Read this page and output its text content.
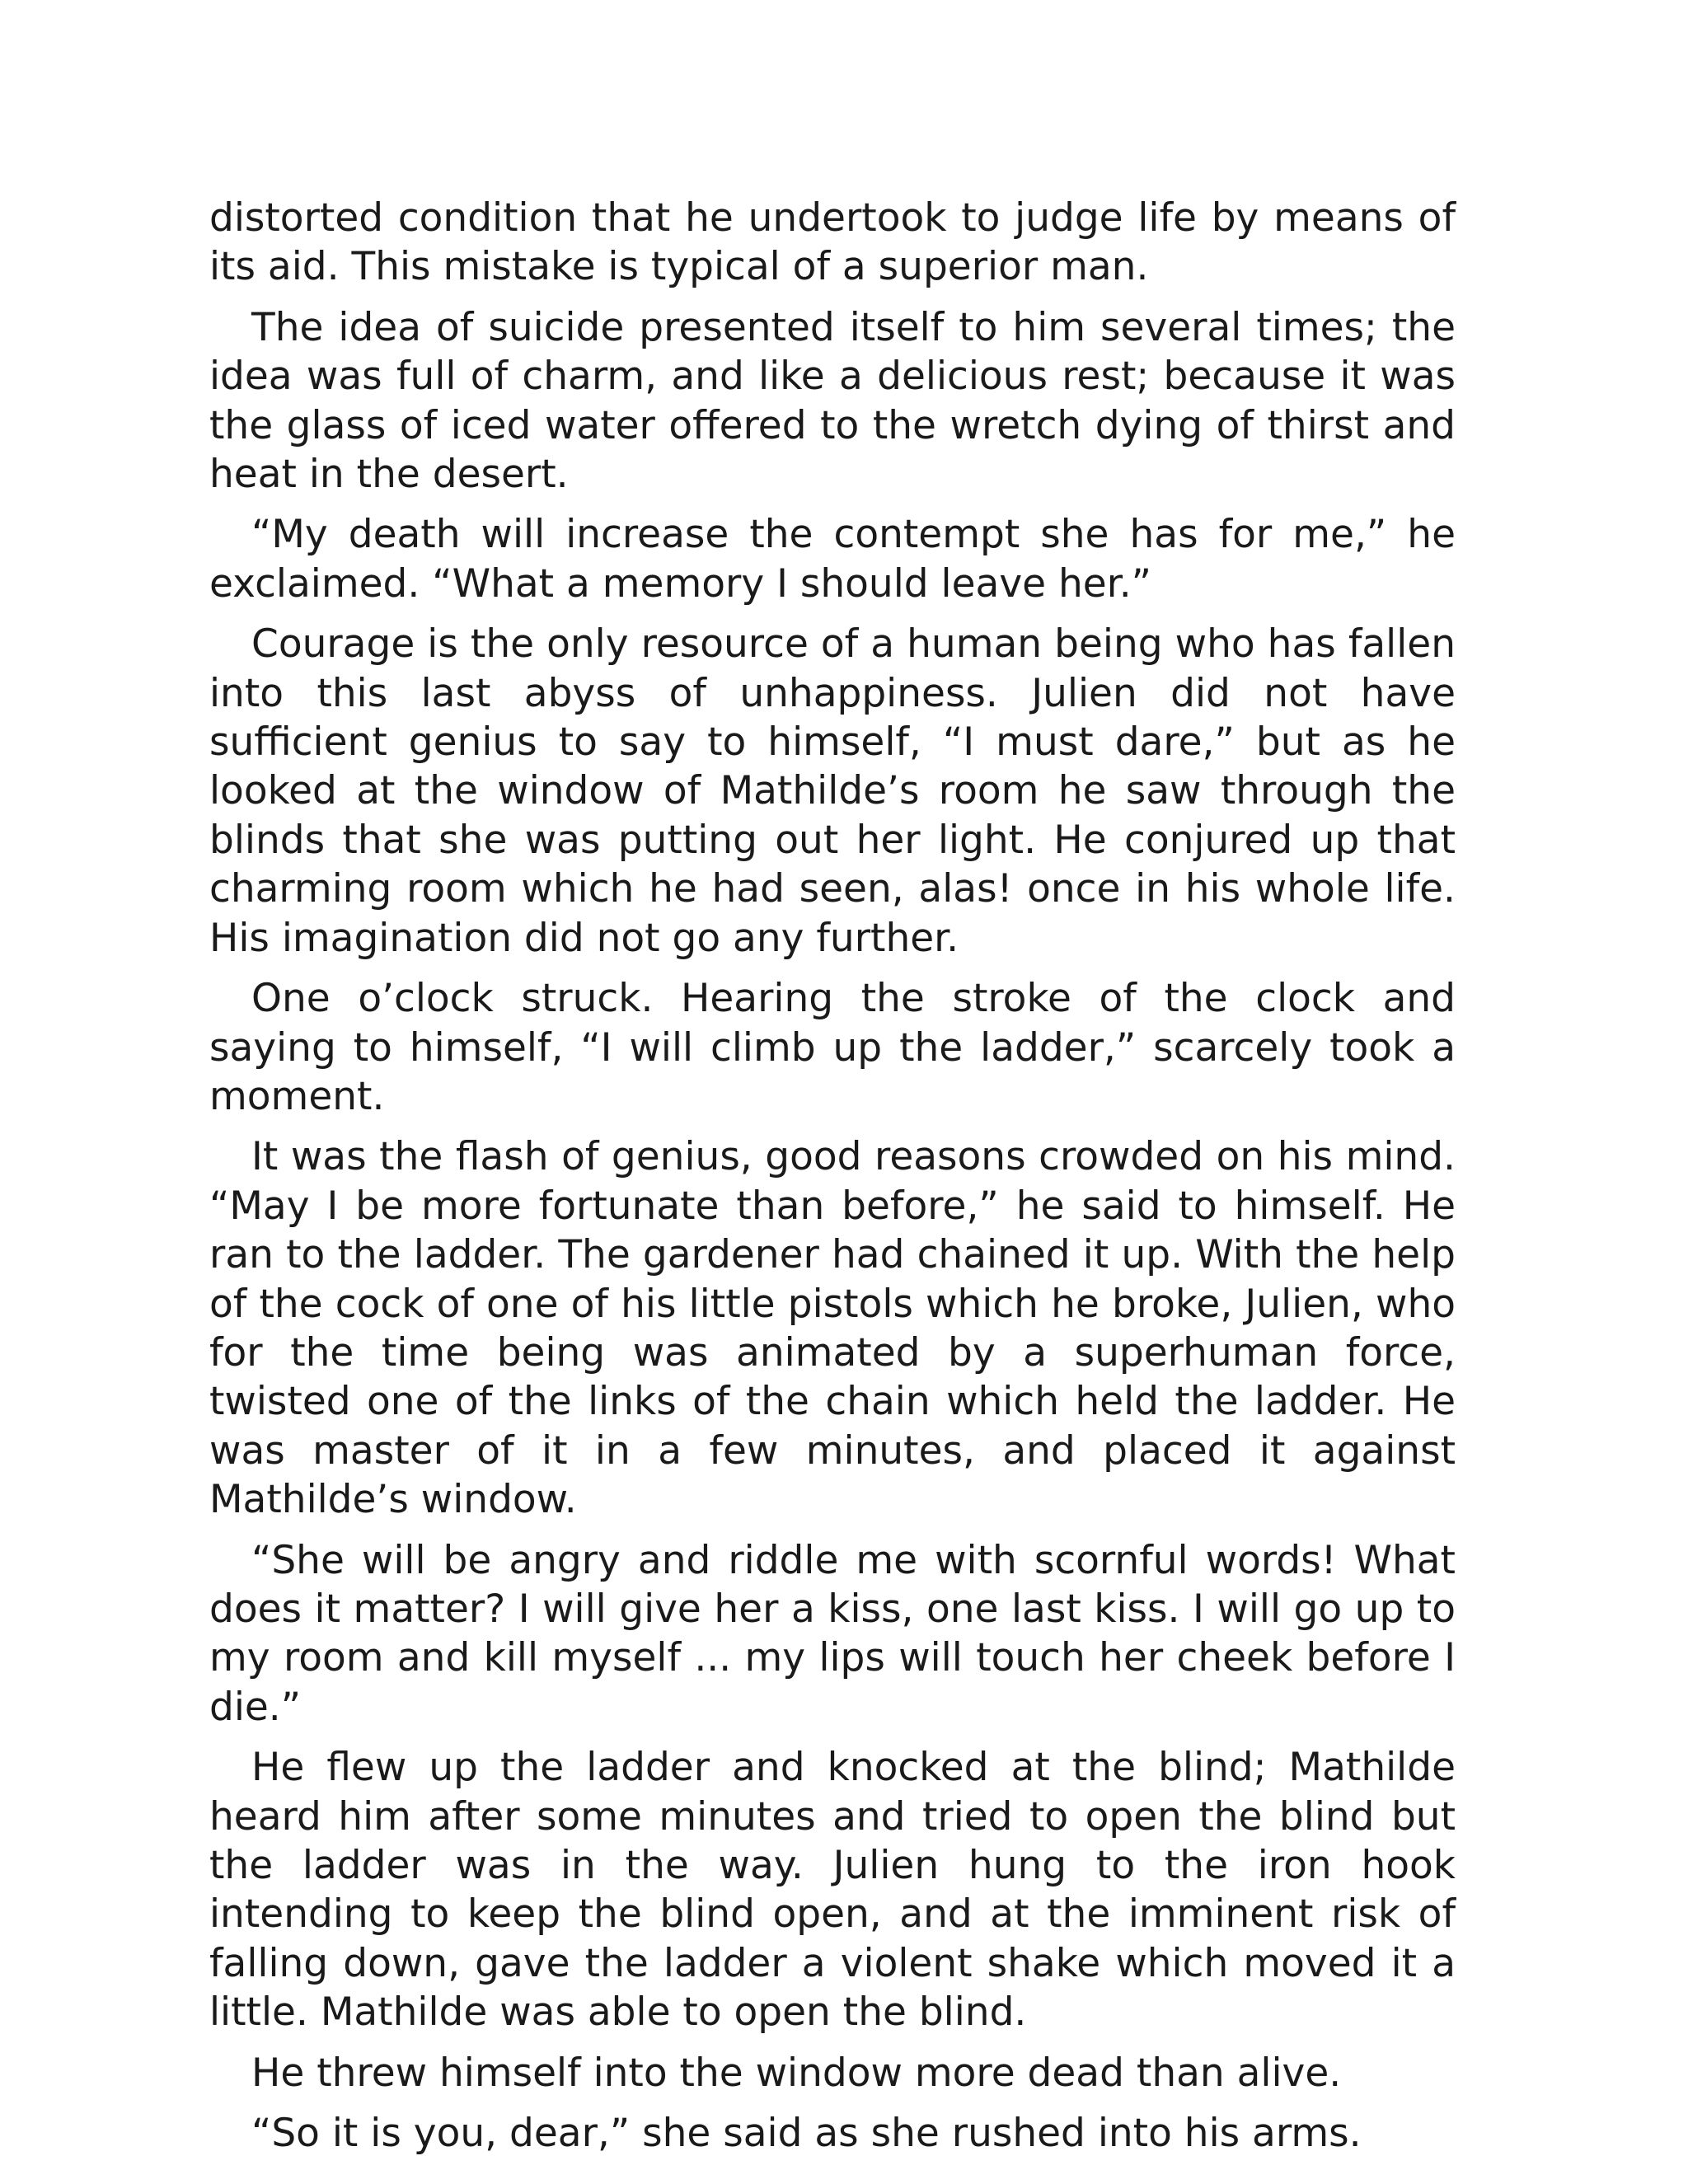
distorted condition that he undertook to judge life by means of its aid. This mistake is typical of a superior man.

The idea of suicide presented itself to him several times; the idea was full of charm, and like a delicious rest; because it was the glass of iced water offered to the wretch dying of thirst and heat in the desert.

“My death will increase the contempt she has for me,” he exclaimed. “What a memory I should leave her.”

Courage is the only resource of a human being who has fallen into this last abyss of unhappiness. Julien did not have sufficient genius to say to himself, “I must dare,” but as he looked at the window of Mathilde’s room he saw through the blinds that she was putting out her light. He conjured up that charming room which he had seen, alas! once in his whole life. His imagination did not go any further.

One o’clock struck. Hearing the stroke of the clock and saying to himself, “I will climb up the ladder,” scarcely took a moment.

It was the flash of genius, good reasons crowded on his mind. “May I be more fortunate than before,” he said to himself. He ran to the ladder. The gardener had chained it up. With the help of the cock of one of his little pistols which he broke, Julien, who for the time being was animated by a superhuman force, twisted one of the links of the chain which held the ladder. He was master of it in a few minutes, and placed it against Mathilde’s window.

“She will be angry and riddle me with scornful words! What does it matter? I will give her a kiss, one last kiss. I will go up to my room and kill myself ... my lips will touch her cheek before I die.”

He flew up the ladder and knocked at the blind; Mathilde heard him after some minutes and tried to open the blind but the ladder was in the way. Julien hung to the iron hook intending to keep the blind open, and at the imminent risk of falling down, gave the ladder a violent shake which moved it a little. Mathilde was able to open the blind.

He threw himself into the window more dead than alive.

“So it is you, dear,” she said as she rushed into his arms.
